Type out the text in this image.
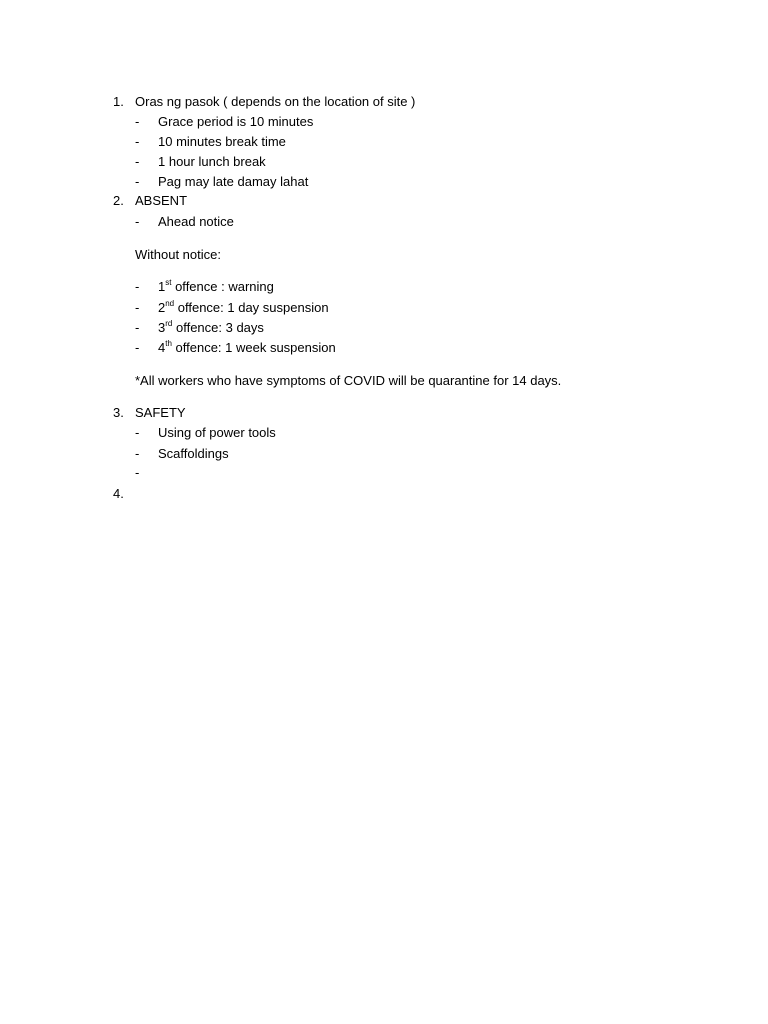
1. Oras ng pasok ( depends on the location of site )
- Grace period is 10 minutes
- 10 minutes break time
- 1 hour lunch break
- Pag may late damay lahat
2. ABSENT
- Ahead notice
Without notice:
- 1st offence : warning
- 2nd offence: 1 day suspension
- 3rd offence: 3 days
- 4th offence: 1 week suspension
*All workers who have symptoms of COVID will be quarantine for 14 days.
3. SAFETY
- Using of power tools
- Scaffoldings
-
4.
